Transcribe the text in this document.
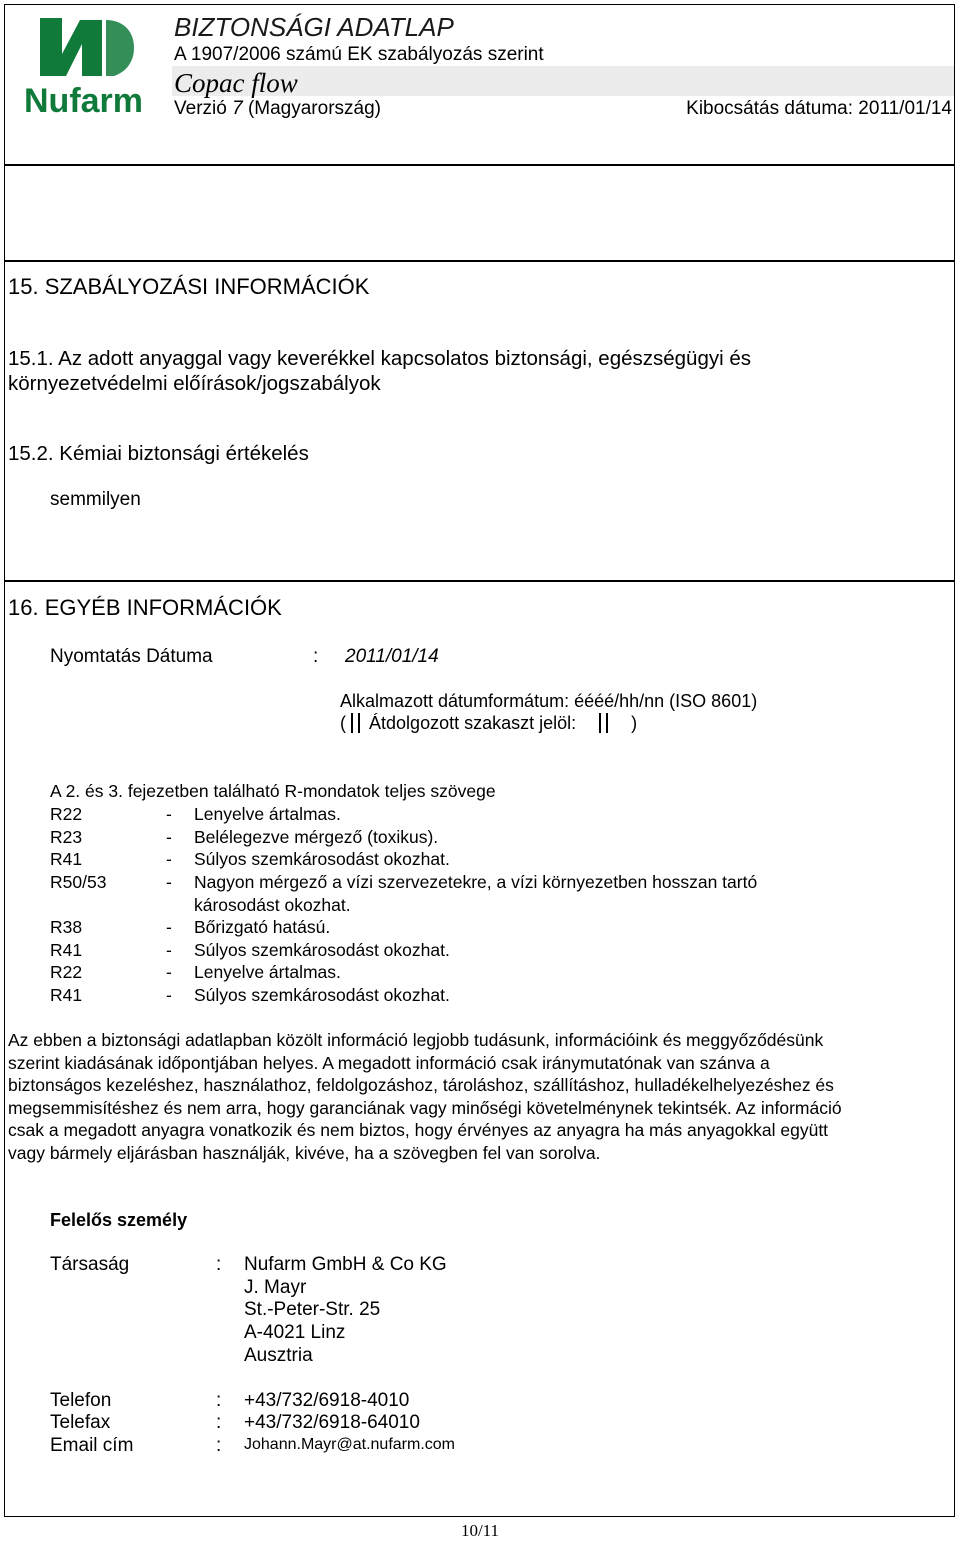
Nufarm
BIZTONSÁGI ADATLAP
A 1907/2006 számú EK szabályozás szerint
Copac flow
Verzió 7 (Magyarország)	Kibocsátás dátuma: 2011/01/14
15. SZABÁLYOZÁSI INFORMÁCIÓK
15.1. Az adott anyaggal vagy keverékkel kapcsolatos biztonsági, egészségügyi és
környezetvédelmi előírások/jogszabályok
15.2. Kémiai biztonsági értékelés
semmilyen
16. EGYÉB INFORMÁCIÓK
Nyomtatás Dátuma	: 2011/01/14
Alkalmazott dátumformátum: éééé/hh/nn (ISO 8601)
( Átdolgozott szakaszt jelöl:	)
A 2. és 3. fejezetben található R-mondatok teljes szövege
R22	- Lenyelve ártalmas.
R23	- Belélegezve mérgező (toxikus).
R41	- Súlyos szemkárosodást okozhat.
R50/53	- Nagyon mérgező a vízi szervezetekre, a vízi környezetben hosszan tartó
károsodást okozhat.
R38	- Bőrizgató hatású.
R41	- Súlyos szemkárosodást okozhat.
R22	- Lenyelve ártalmas.
R41	- Súlyos szemkárosodást okozhat.

Az ebben a biztonsági adatlapban közölt információ legjobb tudásunk, információink és meggyőződésünk

szerint kiadásának időpontjában helyes. A megadott információ csak iránymutatónak van szánva a

biztonságos kezeléshez, használathoz, feldolgozáshoz, tároláshoz, szállításhoz, hulladékelhelyezéshez és

megsemmisítéshez és nem arra, hogy garanciának vagy minőségi követelménynek tekintsék. Az információ

csak a megadott anyagra vonatkozik és nem biztos, hogy érvényes az anyagra ha más anyagokkal együtt

vagy bármely eljárásban használják, kivéve, ha a szövegben fel van sorolva.

Felelős személy
Társaság	: Nufarm GmbH & Co KG
J. Mayr
St.-Peter-Str. 25
A-4021 Linz
Ausztria
Telefon	: +43/732/6918-4010
Telefax	: +43/732/6918-64010
Email cím	: Johann.Mayr@at.nufarm.com
10/11
